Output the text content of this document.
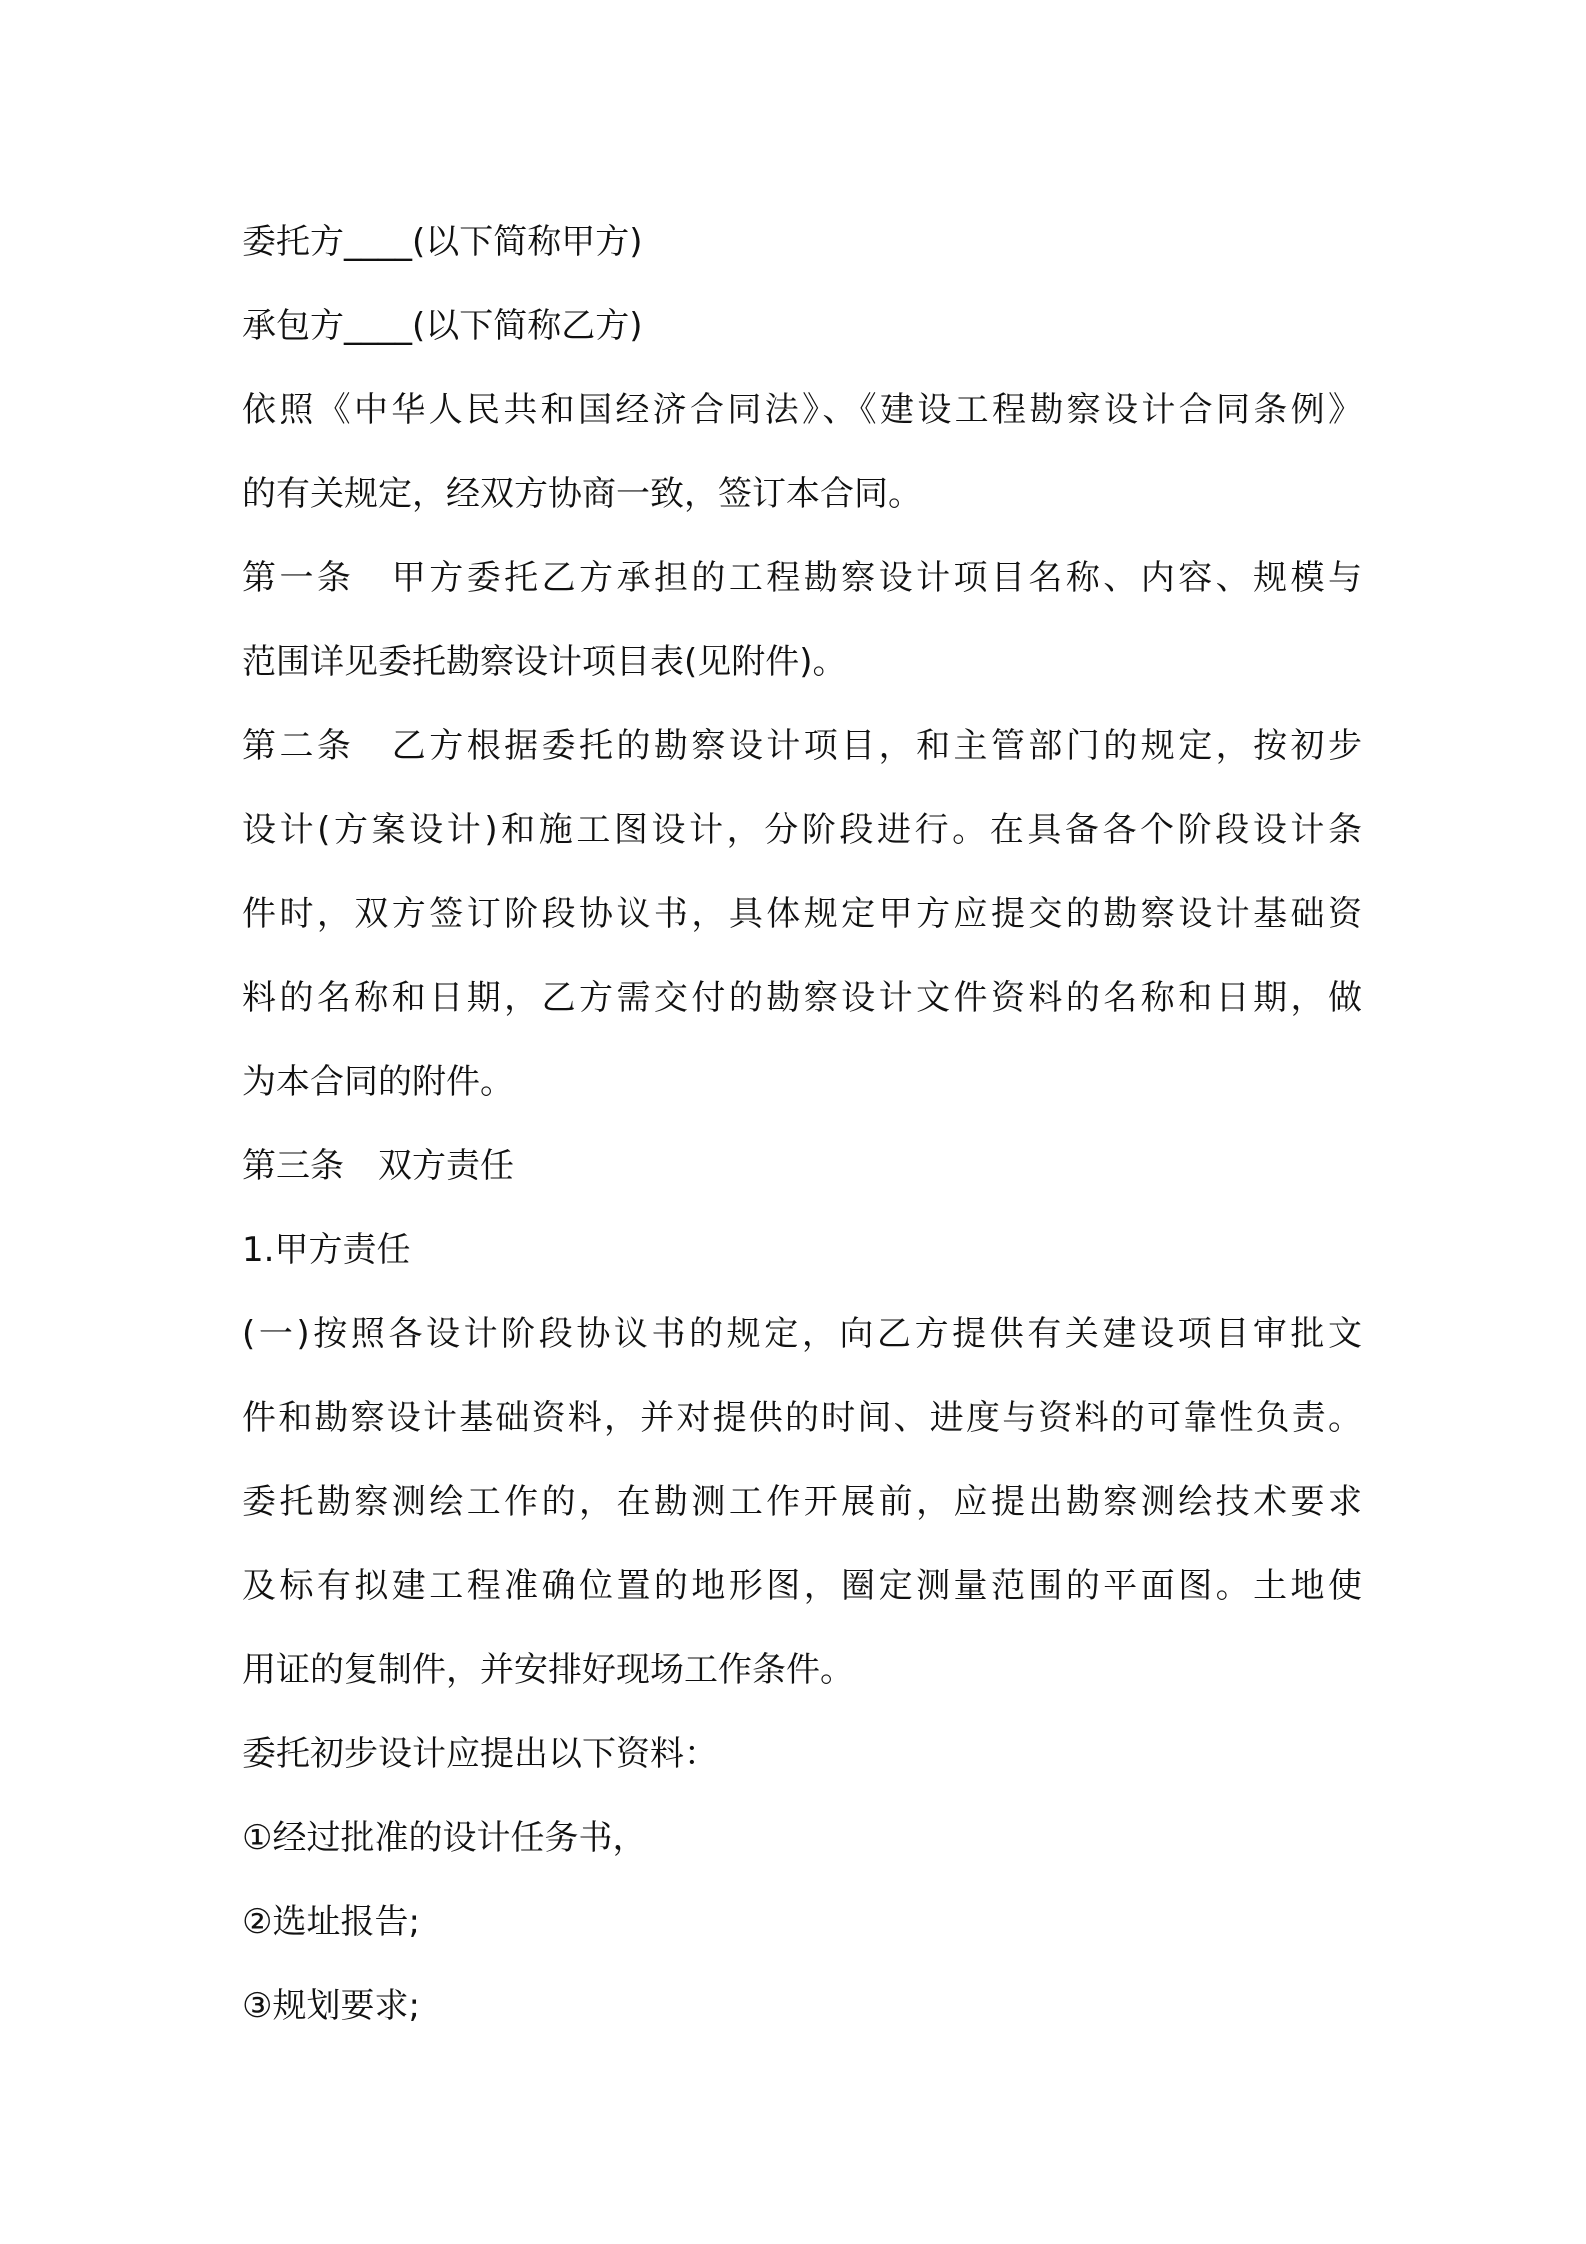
委托方____(以下简称甲方)
承包方____(以下简称乙方)
依照《中华人民共和国经济合同法》、《建设工程勘察设计合同条例》
的有关规定，经双方协商一致，签订本合同。
第一条　甲方委托乙方承担的工程勘察设计项目名称、内容、规模与
范围详见委托勘察设计项目表(见附件)。
第二条　乙方根据委托的勘察设计项目，和主管部门的规定，按初步
设计(方案设计)和施工图设计，分阶段进行。在具备各个阶段设计条
件时，双方签订阶段协议书，具体规定甲方应提交的勘察设计基础资
料的名称和日期，乙方需交付的勘察设计文件资料的名称和日期，做
为本合同的附件。
第三条　双方责任
1.甲方责任
(一)按照各设计阶段协议书的规定，向乙方提供有关建设项目审批文
件和勘察设计基础资料，并对提供的时间、进度与资料的可靠性负责。
委托勘察测绘工作的，在勘测工作开展前，应提出勘察测绘技术要求
及标有拟建工程准确位置的地形图，圈定测量范围的平面图。土地使
用证的复制件，并安排好现场工作条件。
委托初步设计应提出以下资料：
①经过批准的设计任务书，
②选址报告;
③规划要求;
